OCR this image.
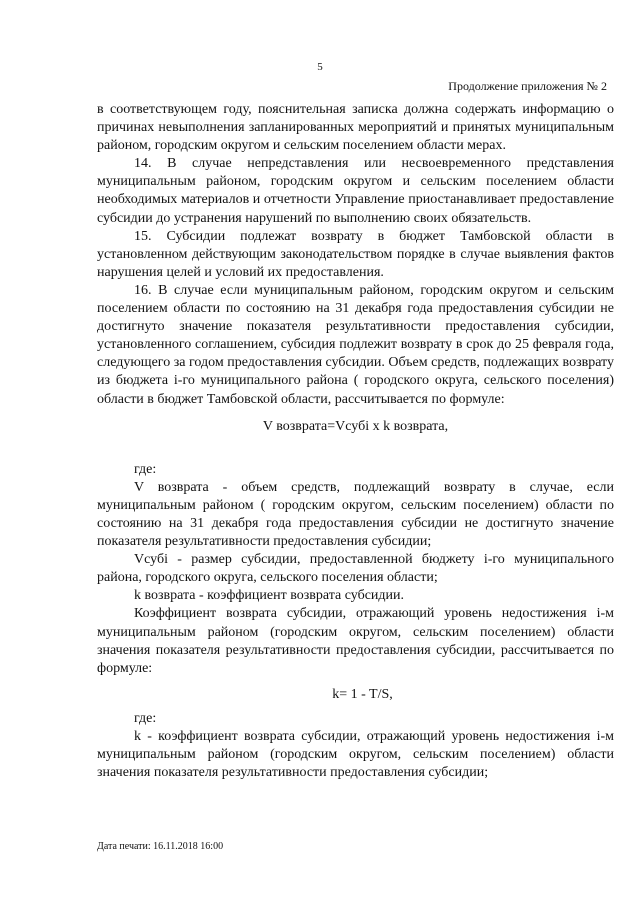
5
Продолжение приложения № 2

в соответствующем году, пояснительная записка должна содержать информацию о причинах невыполнения запланированных мероприятий и принятых муниципальным районом, городским округом и сельским поселением области мерах.

14. В случае непредставления или несвоевременного представления муниципальным районом, городским округом и сельским поселением области необходимых материалов и отчетности Управление приостанавливает предоставление субсидии до устранения нарушений по выполнению своих обязательств.

15. Субсидии подлежат возврату в бюджет Тамбовской области в установленном действующим законодательством порядке в случае выявления фактов нарушения целей и условий их предоставления.

16. В случае если муниципальным районом, городским округом и сельским поселением области по состоянию на 31 декабря года предоставления субсидии не достигнуто значение показателя результативности предоставления субсидии, установленного соглашением, субсидия подлежит возврату в срок до 25 февраля года, следующего за годом предоставления субсидии. Объем средств, подлежащих возврату из бюджета i-го муниципального района ( городского округа, сельского поселения) области в бюджет Тамбовской области, рассчитывается по формуле:

V возврата=Vсубі x k возврата,

где:

V возврата - объем средств, подлежащий возврату в случае, если муниципальным районом ( городским округом, сельским поселением) области по состоянию на 31 декабря года предоставления субсидии не достигнуто значение показателя результативности предоставления субсидии;

Vсубі - размер субсидии, предоставленной бюджету i-го муниципального района, городского округа, сельского поселения области;

k возврата - коэффициент возврата субсидии.

Коэффициент возврата субсидии, отражающий уровень недостижения i-м муниципальным районом (городским округом, сельским поселением) области значения показателя результативности предоставления субсидии, рассчитывается по формуле:

k= 1 - T/S,

где:

k - коэффициент возврата субсидии, отражающий уровень недостижения i-м муниципальным районом (городским округом, сельским поселением) области значения показателя результативности предоставления субсидии;

Дата печати: 16.11.2018 16:00
